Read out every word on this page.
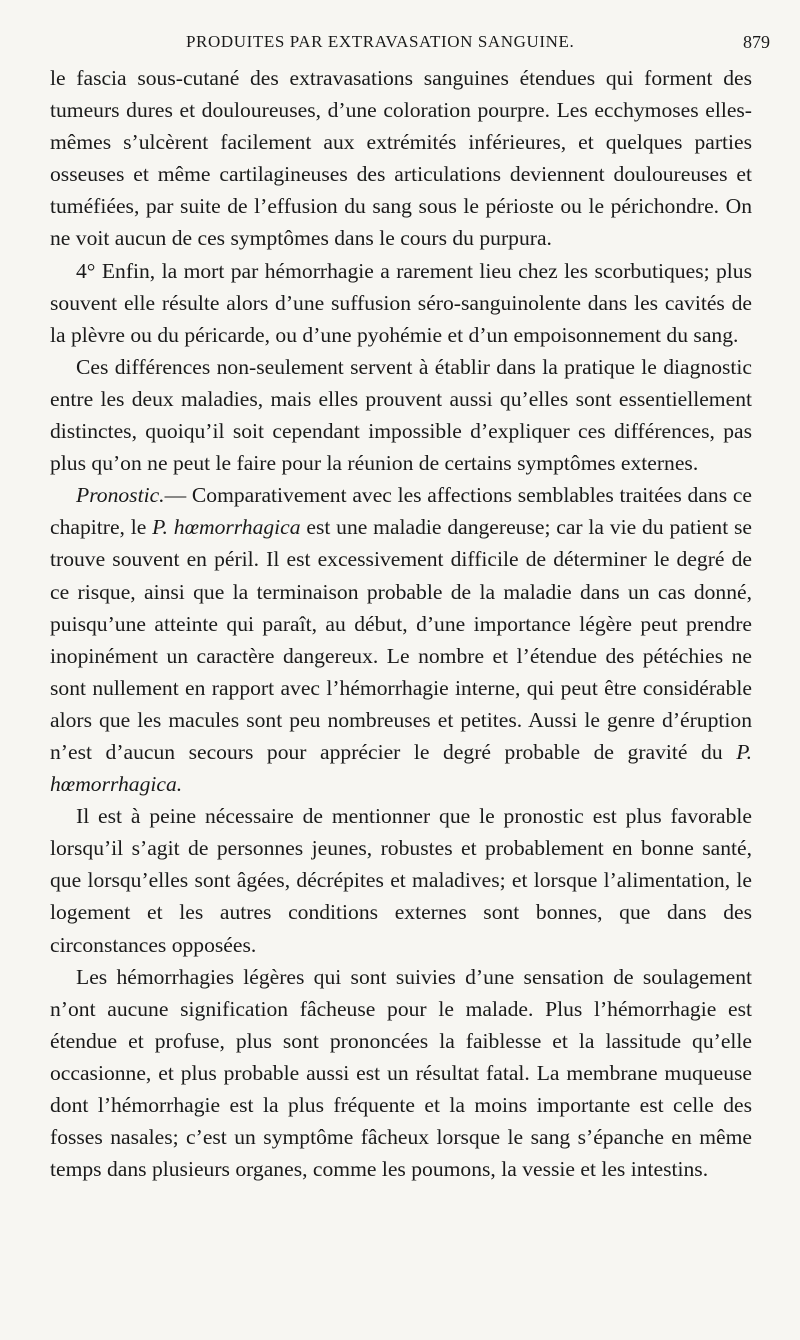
PRODUITES PAR EXTRAVASATION SANGUINE.	879

le fascia sous-cutané des extravasations sanguines étendues qui forment des tumeurs dures et douloureuses, d’une coloration pourpre. Les ecchymoses elles-mêmes s’ulcèrent facilement aux extrémités inférieures, et quelques parties osseuses et même cartilagineuses des articulations deviennent douloureuses et tuméfiées, par suite de l’effusion du sang sous le périoste ou le périchondre. On ne voit aucun de ces symptômes dans le cours du purpura.

4° Enfin, la mort par hémorrhagie a rarement lieu chez les scorbutiques; plus souvent elle résulte alors d’une suffusion séro-sanguinolente dans les cavités de la plèvre ou du péricarde, ou d’une pyohémie et d’un empoisonnement du sang.

Ces différences non-seulement servent à établir dans la pratique le diagnostic entre les deux maladies, mais elles prouvent aussi qu’elles sont essentiellement distinctes, quoiqu’il soit cependant impossible d’expliquer ces différences, pas plus qu’on ne peut le faire pour la réunion de certains symptômes externes.

Pronostic.— Comparativement avec les affections semblables traitées dans ce chapitre, le P. hœmorrhagica est une maladie dangereuse; car la vie du patient se trouve souvent en péril. Il est excessivement difficile de déterminer le degré de ce risque, ainsi que la terminaison probable de la maladie dans un cas donné, puisqu’une atteinte qui paraît, au début, d’une importance légère peut prendre inopinément un caractère dangereux. Le nombre et l’étendue des pétéchies ne sont nullement en rapport avec l’hémorrhagie interne, qui peut être considérable alors que les macules sont peu nombreuses et petites. Aussi le genre d’éruption n’est d’aucun secours pour apprécier le degré probable de gravité du P. hœmorrhagica.

Il est à peine nécessaire de mentionner que le pronostic est plus favorable lorsqu’il s’agit de personnes jeunes, robustes et probablement en bonne santé, que lorsqu’elles sont âgées, décrépites et maladives; et lorsque l’alimentation, le logement et les autres conditions externes sont bonnes, que dans des circonstances opposées.

Les hémorrhagies légères qui sont suivies d’une sensation de soulagement n’ont aucune signification fâcheuse pour le malade. Plus l’hémorrhagie est étendue et profuse, plus sont prononcées la faiblesse et la lassitude qu’elle occasionne, et plus probable aussi est un résultat fatal. La membrane muqueuse dont l’hémorrhagie est la plus fréquente et la moins importante est celle des fosses nasales; c’est un symptôme fâcheux lorsque le sang s’épanche en même temps dans plusieurs organes, comme les poumons, la vessie et les intestins.
